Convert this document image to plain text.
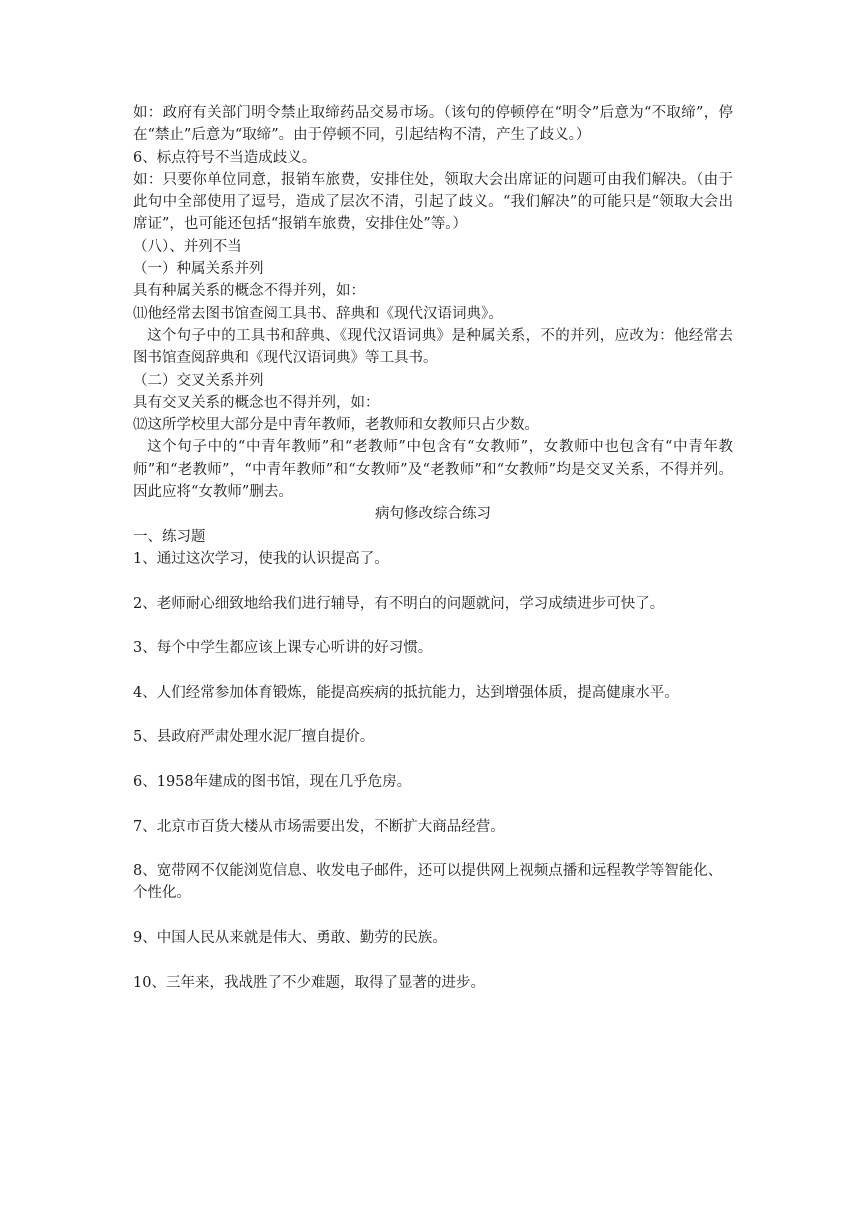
如：政府有关部门明令禁止取缔药品交易市场。（该句的停顿停在“明令”后意为“不取缔”，停在“禁止”后意为“取缔”。由于停顿不同，引起结构不清，产生了歧义。）

6、标点符号不当造成歧义。

如：只要你单位同意，报销车旅费，安排住处，领取大会出席证的问题可由我们解决。（由于此句中全部使用了逗号，造成了层次不清，引起了歧义。“我们解决”的可能只是“领取大会出席证”，也可能还包括“报销车旅费，安排住处”等。）

（八）、并列不当

（一）种属关系并列

具有种属关系的概念不得并列，如：

⑾他经常去图书馆查阅工具书、辞典和《现代汉语词典》。

这个句子中的工具书和辞典、《现代汉语词典》是种属关系，不的并列，应改为：他经常去图书馆查阅辞典和《现代汉语词典》等工具书。

（二）交叉关系并列

具有交叉关系的概念也不得并列，如：

⑿这所学校里大部分是中青年教师，老教师和女教师只占少数。

这个句子中的“中青年教师”和“老教师”中包含有“女教师”，女教师中也包含有“中青年教师”和“老教师”，“中青年教师”和“女教师”及“老教师”和“女教师”均是交叉关系，不得并列。因此应将“女教师”删去。

病句修改综合练习

一、练习题

1、通过这次学习，使我的认识提高了。

2、老师耐心细致地给我们进行辅导，有不明白的问题就问，学习成绩进步可快了。

3、每个中学生都应该上课专心听讲的好习惯。

4、人们经常参加体育锻炼，能提高疾病的抵抗能力，达到增强体质，提高健康水平。

5、县政府严肃处理水泥厂擅自提价。

6、1958年建成的图书馆，现在几乎危房。

7、北京市百货大楼从市场需要出发，不断扩大商品经营。

8、宽带网不仅能浏览信息、收发电子邮件，还可以提供网上视频点播和远程教学等智能化、个性化。

9、中国人民从来就是伟大、勇敢、勤劳的民族。

10、三年来，我战胜了不少难题，取得了显著的进步。
